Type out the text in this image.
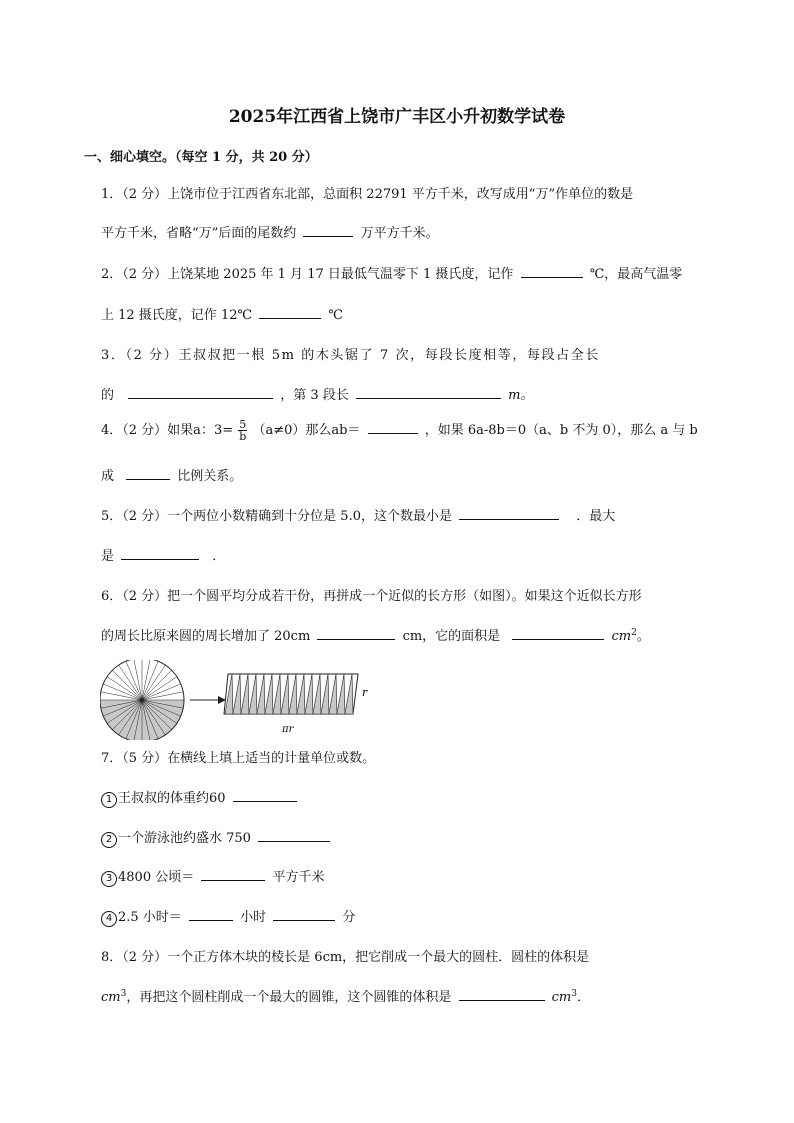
2025年江西省上饶市广丰区小升初数学试卷
一、细心填空。（每空 1 分，共 20 分）
1．（2 分）上饶市位于江西省东北部，总面积 22791 平方千米，改写成用“万”作单位的数是
平方千米，省略“万”后面的尾数约	万平方千米。
2．（2 分）上饶某地 2025 年 1 月 17 日最低气温零下 1 摄氏度，记作	℃，最高气温零
上 12 摄氏度，记作 12℃	℃
3．（2 分）王叔叔把一根 5m 的木头锯了 7 次，每段长度相等，每段占全长
的	，第 3 段长	m。
4．（2 分）如果a：$3= \frac{5}{b} (a\ne 0)$那么ab＝	，如果 6a-8b＝0（a、b 不为 0），那么 a 与 b
成	比例关系。
5．（2 分）一个两位小数精确到十分位是 5.0，这个数最小是	．最大
是	．
6．（2 分）把一个圆平均分成若干份，再拼成一个近似的长方形（如图）。如果这个近似长方形
的周长比原来圆的周长增加了 20cm	cm，它的面积是	$cm^2$。
r
πr
7．（5 分）在横线上填上适当的计量单位或数。
1 王叔叔的体重约60
2 一个游泳池约盛水 750
3 4800 公顷＝	平方千米
4 2.5 小时＝	小时	分
8．（2 分）一个正方体木块的棱长是 6cm，把它削成一个最大的圆柱．圆柱的体积是
$cm^3$，再把这个圆柱削成一个最大的圆锥，这个圆锥的体积是	$cm^3$．
